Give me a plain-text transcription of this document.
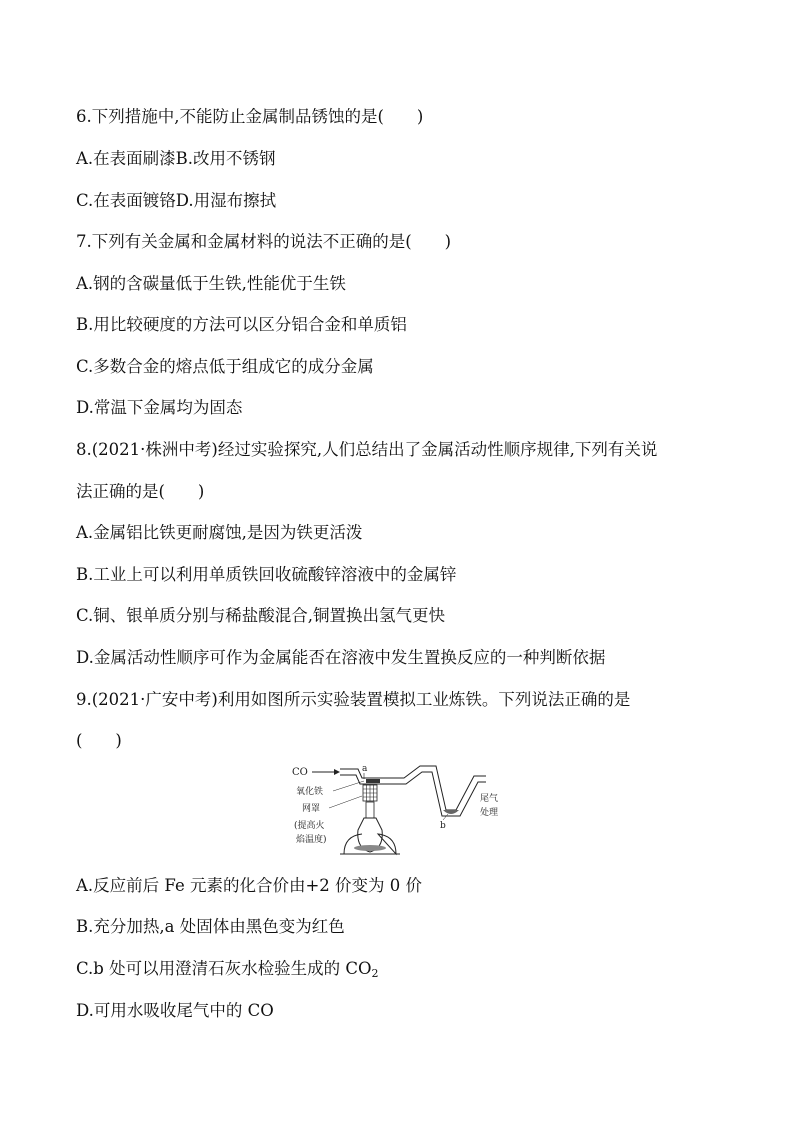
6.下列措施中,不能防止金属制品锈蚀的是(　　)
A.在表面刷漆B.改用不锈钢
C.在表面镀铬D.用湿布擦拭
7.下列有关金属和金属材料的说法不正确的是(　　)
A.钢的含碳量低于生铁,性能优于生铁
B.用比较硬度的方法可以区分铝合金和单质铝
C.多数合金的熔点低于组成它的成分金属
D.常温下金属均为固态
8.(2021·株洲中考)经过实验探究,人们总结出了金属活动性顺序规律,下列有关说
法正确的是(　　)
A.金属铝比铁更耐腐蚀,是因为铁更活泼
B.工业上可以利用单质铁回收硫酸锌溶液中的金属锌
C.铜、银单质分别与稀盐酸混合,铜置换出氢气更快
D.金属活动性顺序可作为金属能否在溶液中发生置换反应的一种判断依据
9.(2021·广安中考)利用如图所示实验装置模拟工业炼铁。下列说法正确的是
(　　)
CO	a
氧化铁
网罩
(提高火
焰温度)
b
尾气
处理
A.反应前后 Fe 元素的化合价由+2 价变为 0 价
B.充分加热,a 处固体由黑色变为红色
C.b 处可以用澄清石灰水检验生成的 $CO_2$
D.可用水吸收尾气中的 CO
